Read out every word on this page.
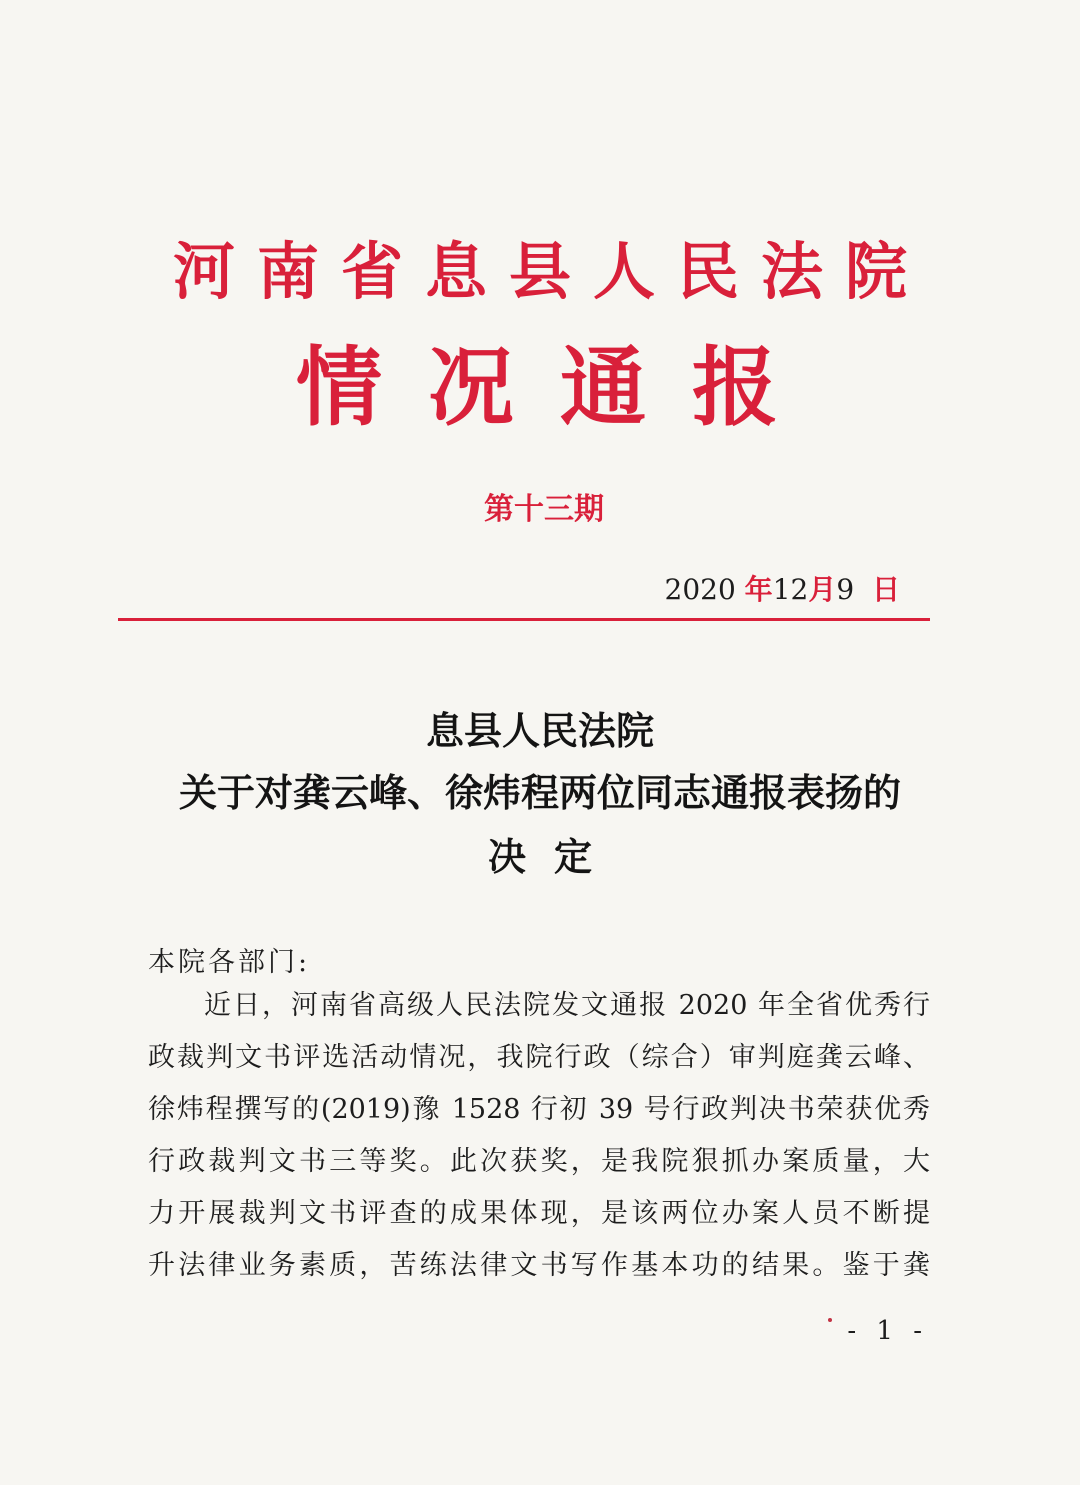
河南省息县人民法院
情况通报
第十三期
2020 年12月9 日
息县人民法院
关于对龚云峰、徐炜程两位同志通报表扬的
决定
本院各部门:
近日，河南省高级人民法院发文通报 2020 年全省优秀行
政裁判文书评选活动情况，我院行政（综合）审判庭龚云峰、
徐炜程撰写的(2019)豫 1528 行初 39 号行政判决书荣获优秀
行政裁判文书三等奖。此次获奖，是我院狠抓办案质量，大
力开展裁判文书评查的成果体现，是该两位办案人员不断提
升法律业务素质，苦练法律文书写作基本功的结果。鉴于龚
- 1 -
